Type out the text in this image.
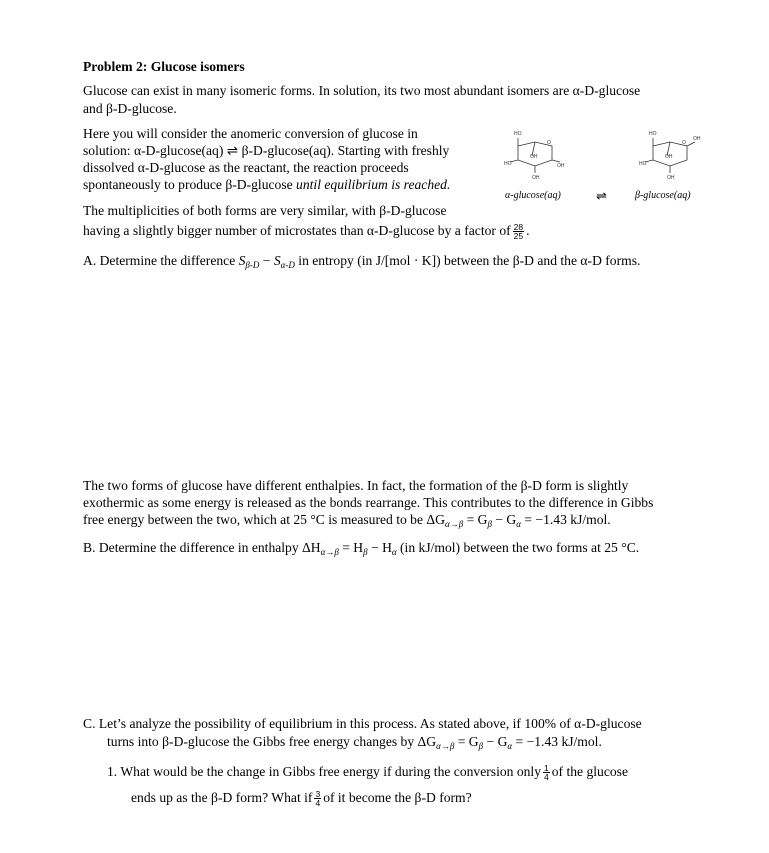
Problem 2: Glucose isomers
Glucose can exist in many isomeric forms. In solution, its two most abundant isomers are α-D-glucose
and β-D-glucose.
Here you will consider the anomeric conversion of glucose in
solution: α-D-glucose(aq) ⇌ β-D-glucose(aq). Starting with freshly
dissolved α-D-glucose as the reactant, the reaction proceeds
spontaneously to produce β-D-glucose until equilibrium is reached.
The multiplicities of both forms are very similar, with β-D-glucose
having a slightly bigger number of microstates than α-D-glucose by a factor of $\frac{28}{25}$ .
HO
HO
OH
OH
OH
O
HO
HO
OH
OH
OH
O
α-glucose(aq)	⇌	β-glucose(aq)
A. Determine the difference $S_{\beta-D} - S_{\alpha-D}$ in entropy (in J/[mol · K]) between the β-D and the α-D forms.
The two forms of glucose have different enthalpies. In fact, the formation of the β-D form is slightly
exothermic as some energy is released as the bonds rearrange. This contributes to the difference in Gibbs
free energy between the two, which at 25 °C is measured to be $\Delta G_{\alpha\to\beta} = G_\beta - G_\alpha = -1.43$ kJ/mol.
B. Determine the difference in enthalpy $\Delta H_{\alpha\to\beta} = H_\beta - H_\alpha$ (in kJ/mol) between the two forms at 25 °C.
C. Let’s analyze the possibility of equilibrium in this process. As stated above, if 100% of α-D-glucose
turns into β-D-glucose the Gibbs free energy changes by $\Delta G_{\alpha\to\beta} = G_\beta - G_\alpha = -1.43$ kJ/mol.
1. What would be the change in Gibbs free energy if during the conversion only $\frac{1}{4}$ of the glucose
ends up as the β-D form? What if $\frac{3}{4}$ of it become the β-D form?
